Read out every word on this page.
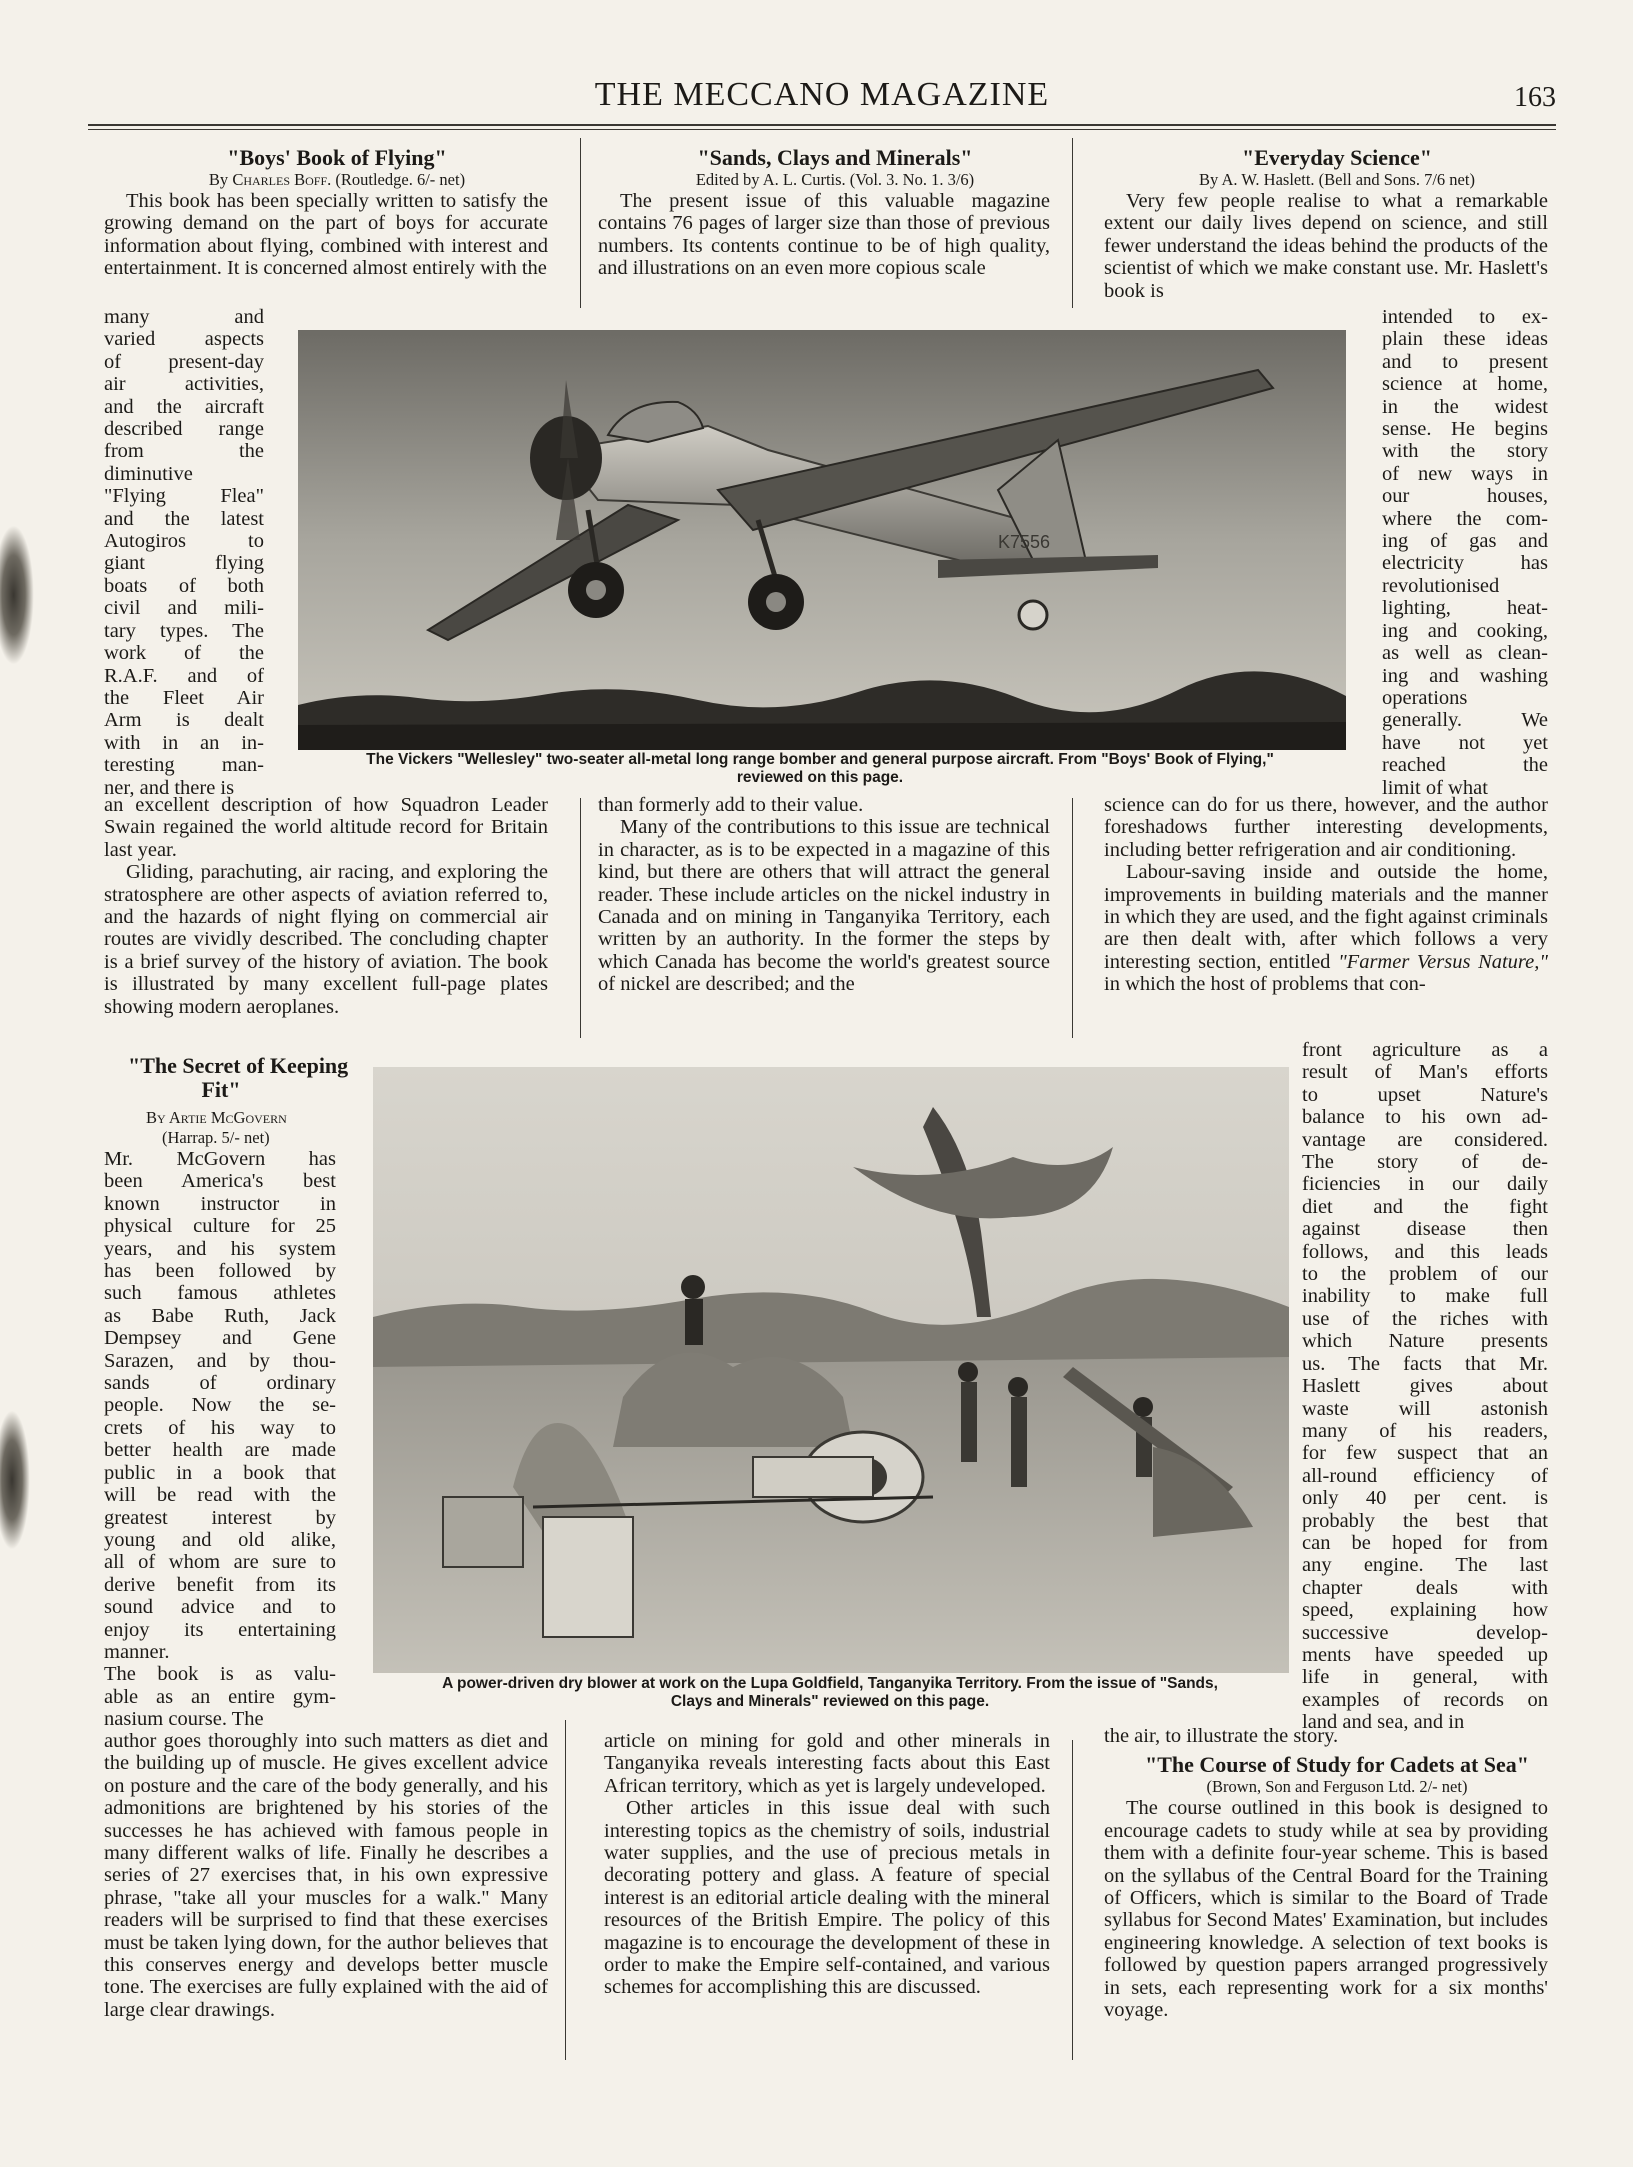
THE MECCANO MAGAZINE	163

"Boys' Book of Flying"

By Charles Boff. (Routledge. 6/- net)

This book has been specially written to satisfy the growing demand on the part of boys for accurate information about flying, combined with interest and entertainment. It is concerned almost entirely with the

many and
varied aspects
of present-day
air activities,
and the aircraft
described range
from the
diminutive
"Flying Flea"
and the latest
Autogiros to
giant flying
boats of both
civil and mili-
tary types. The
work of the
R.A.F. and of
the Fleet Air
Arm is dealt
with in an in-
teresting man-
ner, and there is

an excellent description of how Squadron Leader Swain regained the world altitude record for Britain last year.

Gliding, parachuting, air racing, and exploring the stratosphere are other aspects of aviation referred to, and the hazards of night flying on commercial air routes are vividly described. The concluding chapter is a brief survey of the history of aviation. The book is illustrated by many excellent full-page plates showing modern aeroplanes.

"The Secret of Keeping
Fit"

By Artie McGovern
(Harrap. 5/- net)

Mr. McGovern has
been America's best
known instructor in
physical culture for 25
years, and his system
has been followed by
such famous athletes
as Babe Ruth, Jack
Dempsey and Gene
Sarazen, and by thou-
sands of ordinary
people. Now the se-
crets of his way to
better health are made
public in a book that
will be read with the
greatest interest by
young and old alike,
all of whom are sure to
derive benefit from its
sound advice and to
enjoy its entertaining
manner.
The book is as valu-
able as an entire gym-
nasium course. The

author goes thoroughly into such matters as diet and the building up of muscle. He gives excellent advice on posture and the care of the body generally, and his admonitions are brightened by his stories of the successes he has achieved with famous people in many different walks of life. Finally he describes a series of 27 exercises that, in his own expressive phrase, "take all your muscles for a walk." Many readers will be surprised to find that these exercises must be taken lying down, for the author believes that this conserves energy and develops better muscle tone. The exercises are fully explained with the aid of large clear drawings.

"Sands, Clays and Minerals"

Edited by A. L. Curtis. (Vol. 3. No. 1. 3/6)

The present issue of this valuable magazine contains 76 pages of larger size than those of previous numbers. Its contents continue to be of high quality, and illustrations on an even more copious scale

than formerly add to their value.

Many of the contributions to this issue are technical in character, as is to be expected in a magazine of this kind, but there are others that will attract the general reader. These include articles on the nickel industry in Canada and on mining in Tanganyika Territory, each written by an authority. In the former the steps by which Canada has become the world's greatest source of nickel are described; and the

article on mining for gold and other minerals in Tanganyika reveals interesting facts about this East African territory, which as yet is largely undeveloped.

Other articles in this issue deal with such interesting topics as the chemistry of soils, industrial water supplies, and the use of precious metals in decorating pottery and glass. A feature of special interest is an editorial article dealing with the mineral resources of the British Empire. The policy of this magazine is to encourage the development of these in order to make the Empire self-contained, and various schemes for accomplishing this are discussed.

"Everyday Science"

By A. W. Haslett. (Bell and Sons. 7/6 net)

Very few people realise to what a remarkable extent our daily lives depend on science, and still fewer understand the ideas behind the products of the scientist of which we make constant use. Mr. Haslett's book is

intended to ex-
plain these ideas
and to present
science at home,
in the widest
sense. He begins
with the story
of new ways in
our houses,
where the com-
ing of gas and
electricity has
revolutionised
lighting, heat-
ing and cooking,
as well as clean-
ing and washing
operations
generally. We
have not yet
reached the
limit of what

science can do for us there, however, and the author foreshadows further interesting developments, including better refrigeration and air conditioning.

Labour-saving inside and outside the home, improvements in building materials and the manner in which they are used, and the fight against criminals are then dealt with, after which follows a very interesting section, entitled "Farmer Versus Nature," in which the host of problems that con-

front agriculture as a
result of Man's efforts
to upset Nature's
balance to his own ad-
vantage are considered.
The story of de-
ficiencies in our daily
diet and the fight
against disease then
follows, and this leads
to the problem of our
inability to make full
use of the riches with
which Nature presents
us. The facts that Mr.
Haslett gives about
waste will astonish
many of his readers,
for few suspect that an
all-round efficiency of
only 40 per cent. is
probably the best that
can be hoped for from
any engine. The last
chapter deals with
speed, explaining how
successive develop-
ments have speeded up
life in general, with
examples of records on
land and sea, and in

the air, to illustrate the story.

"The Course of Study for Cadets at Sea"

(Brown, Son and Ferguson Ltd. 2/- net)

The course outlined in this book is designed to encourage cadets to study while at sea by providing them with a definite four-year scheme. This is based on the syllabus of the Central Board for the Training of Officers, which is similar to the Board of Trade syllabus for Second Mates' Examination, but includes engineering knowledge. A selection of text books is followed by question papers arranged progressively in sets, each representing work for a six months' voyage.

K7556
The Vickers "Wellesley" two-seater all-metal long range bomber and general purpose aircraft. From "Boys' Book of Flying,"
reviewed on this page.
A power-driven dry blower at work on the Lupa Goldfield, Tanganyika Territory. From the issue of "Sands,
Clays and Minerals" reviewed on this page.
